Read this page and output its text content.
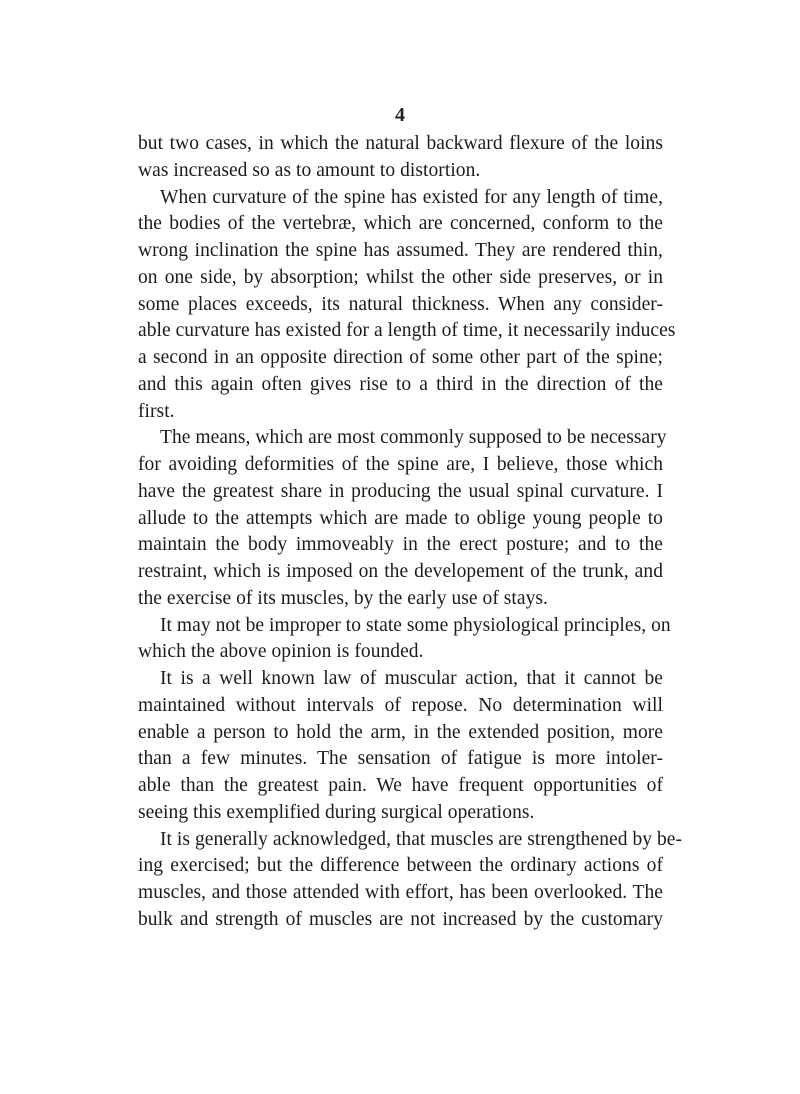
4
but two cases, in which the natural backward flexure of the loins
was increased so as to amount to distortion.
When curvature of the spine has existed for any length of time,
the bodies of the vertebræ, which are concerned, conform to the
wrong inclination the spine has assumed. They are rendered thin,
on one side, by absorption; whilst the other side preserves, or in
some places exceeds, its natural thickness. When any consider-
able curvature has existed for a length of time, it necessarily induces
a second in an opposite direction of some other part of the spine;
and this again often gives rise to a third in the direction of the
first.
The means, which are most commonly supposed to be necessary
for avoiding deformities of the spine are, I believe, those which
have the greatest share in producing the usual spinal curvature. I
allude to the attempts which are made to oblige young people to
maintain the body immoveably in the erect posture; and to the
restraint, which is imposed on the developement of the trunk, and
the exercise of its muscles, by the early use of stays.
It may not be improper to state some physiological principles, on
which the above opinion is founded.
It is a well known law of muscular action, that it cannot be
maintained without intervals of repose. No determination will
enable a person to hold the arm, in the extended position, more
than a few minutes. The sensation of fatigue is more intoler-
able than the greatest pain. We have frequent opportunities of
seeing this exemplified during surgical operations.
It is generally acknowledged, that muscles are strengthened by be-
ing exercised; but the difference between the ordinary actions of
muscles, and those attended with effort, has been overlooked. The
bulk and strength of muscles are not increased by the customary
